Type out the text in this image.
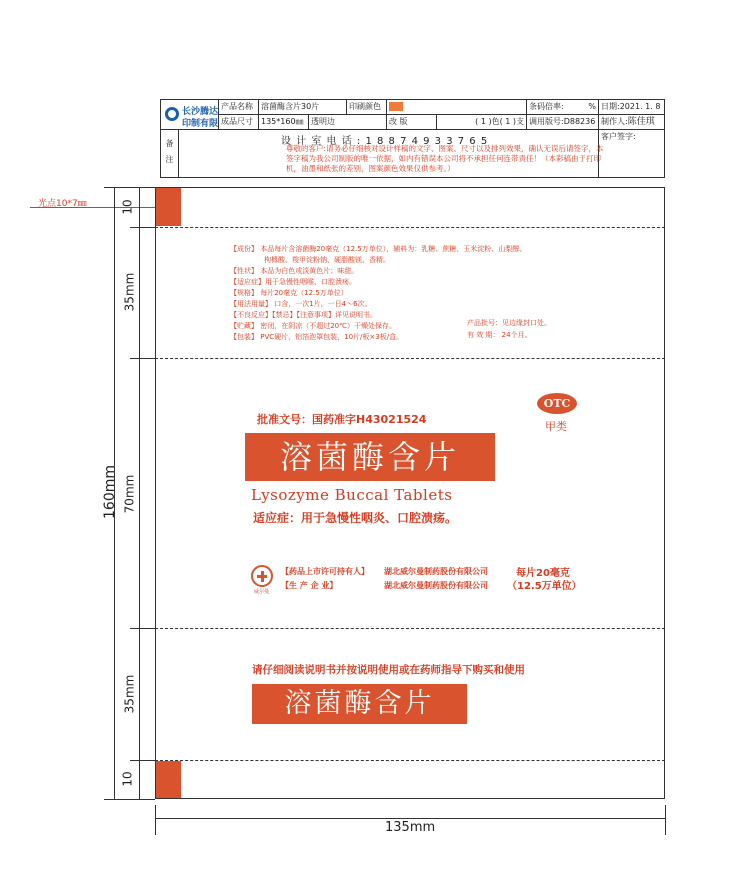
长沙腾达
印制有限
产品名称	溶菌酶含片30片	印刷颜色	条码倍率:	% 日期:2021. 1. 8
成品尺寸	135*160㎜ 透明边	改 版	( 1 )色( 1 )支 调用版号:D88236 制作人:陈佳琪
备 注
客户签字:
设 计 室 电 话 : 1 8 8 7 4 9 3 3 7 6 5
尊敬的客户:请务必仔细核对设计样稿的文字、图案、尺寸以及排列效果，确认无误后请签字，本签字稿为我公司制版的唯一依据，如内有错误本公司将不承担任何连带责任！（本彩稿由于打印机，油墨和纸张的差别，图案颜色效果仅供参考。）
光点10*7㎜
160mm
10
35mm
70mm
35mm
10
135mm
【成份】 本品每片含溶菌酶20毫克（12.5万单位），辅料为：乳糖、蔗糖、玉米淀粉、山梨醇、
枸橼酸、羧甲淀粉钠、硬脂酸镁、香精。
【性状】 本品为白色或淡黄色片；味甜。
【适应症】用于急慢性咽喉、口腔溃疡。
【规格】 每片20毫克（12.5万单位）
【用法用量】 口含，一次1片，一日4～6次。
【不良反应】【禁忌】【注意事项】详见说明书。
【贮藏】 密闭，在阴凉（不超过20℃）干燥处保存。
【包装】 PVC硬片，铝箔泡罩包装，10片/板×3板/盒。
产品批号：见边缘封口处。
有 效 期： 24个月。
批准文号：国药准字H43021524
OTC
甲类
溶菌酶含片
Lysozyme Buccal Tablets
适应症：用于急慢性咽炎、口腔溃疡。
威尔曼
【药品上市许可持有人】 湖北威尔曼制药股份有限公司
【生 产 企 业】	湖北威尔曼制药股份有限公司
每片20毫克
（12.5万单位）
请仔细阅读说明书并按说明使用或在药师指导下购买和使用
溶菌酶含片
